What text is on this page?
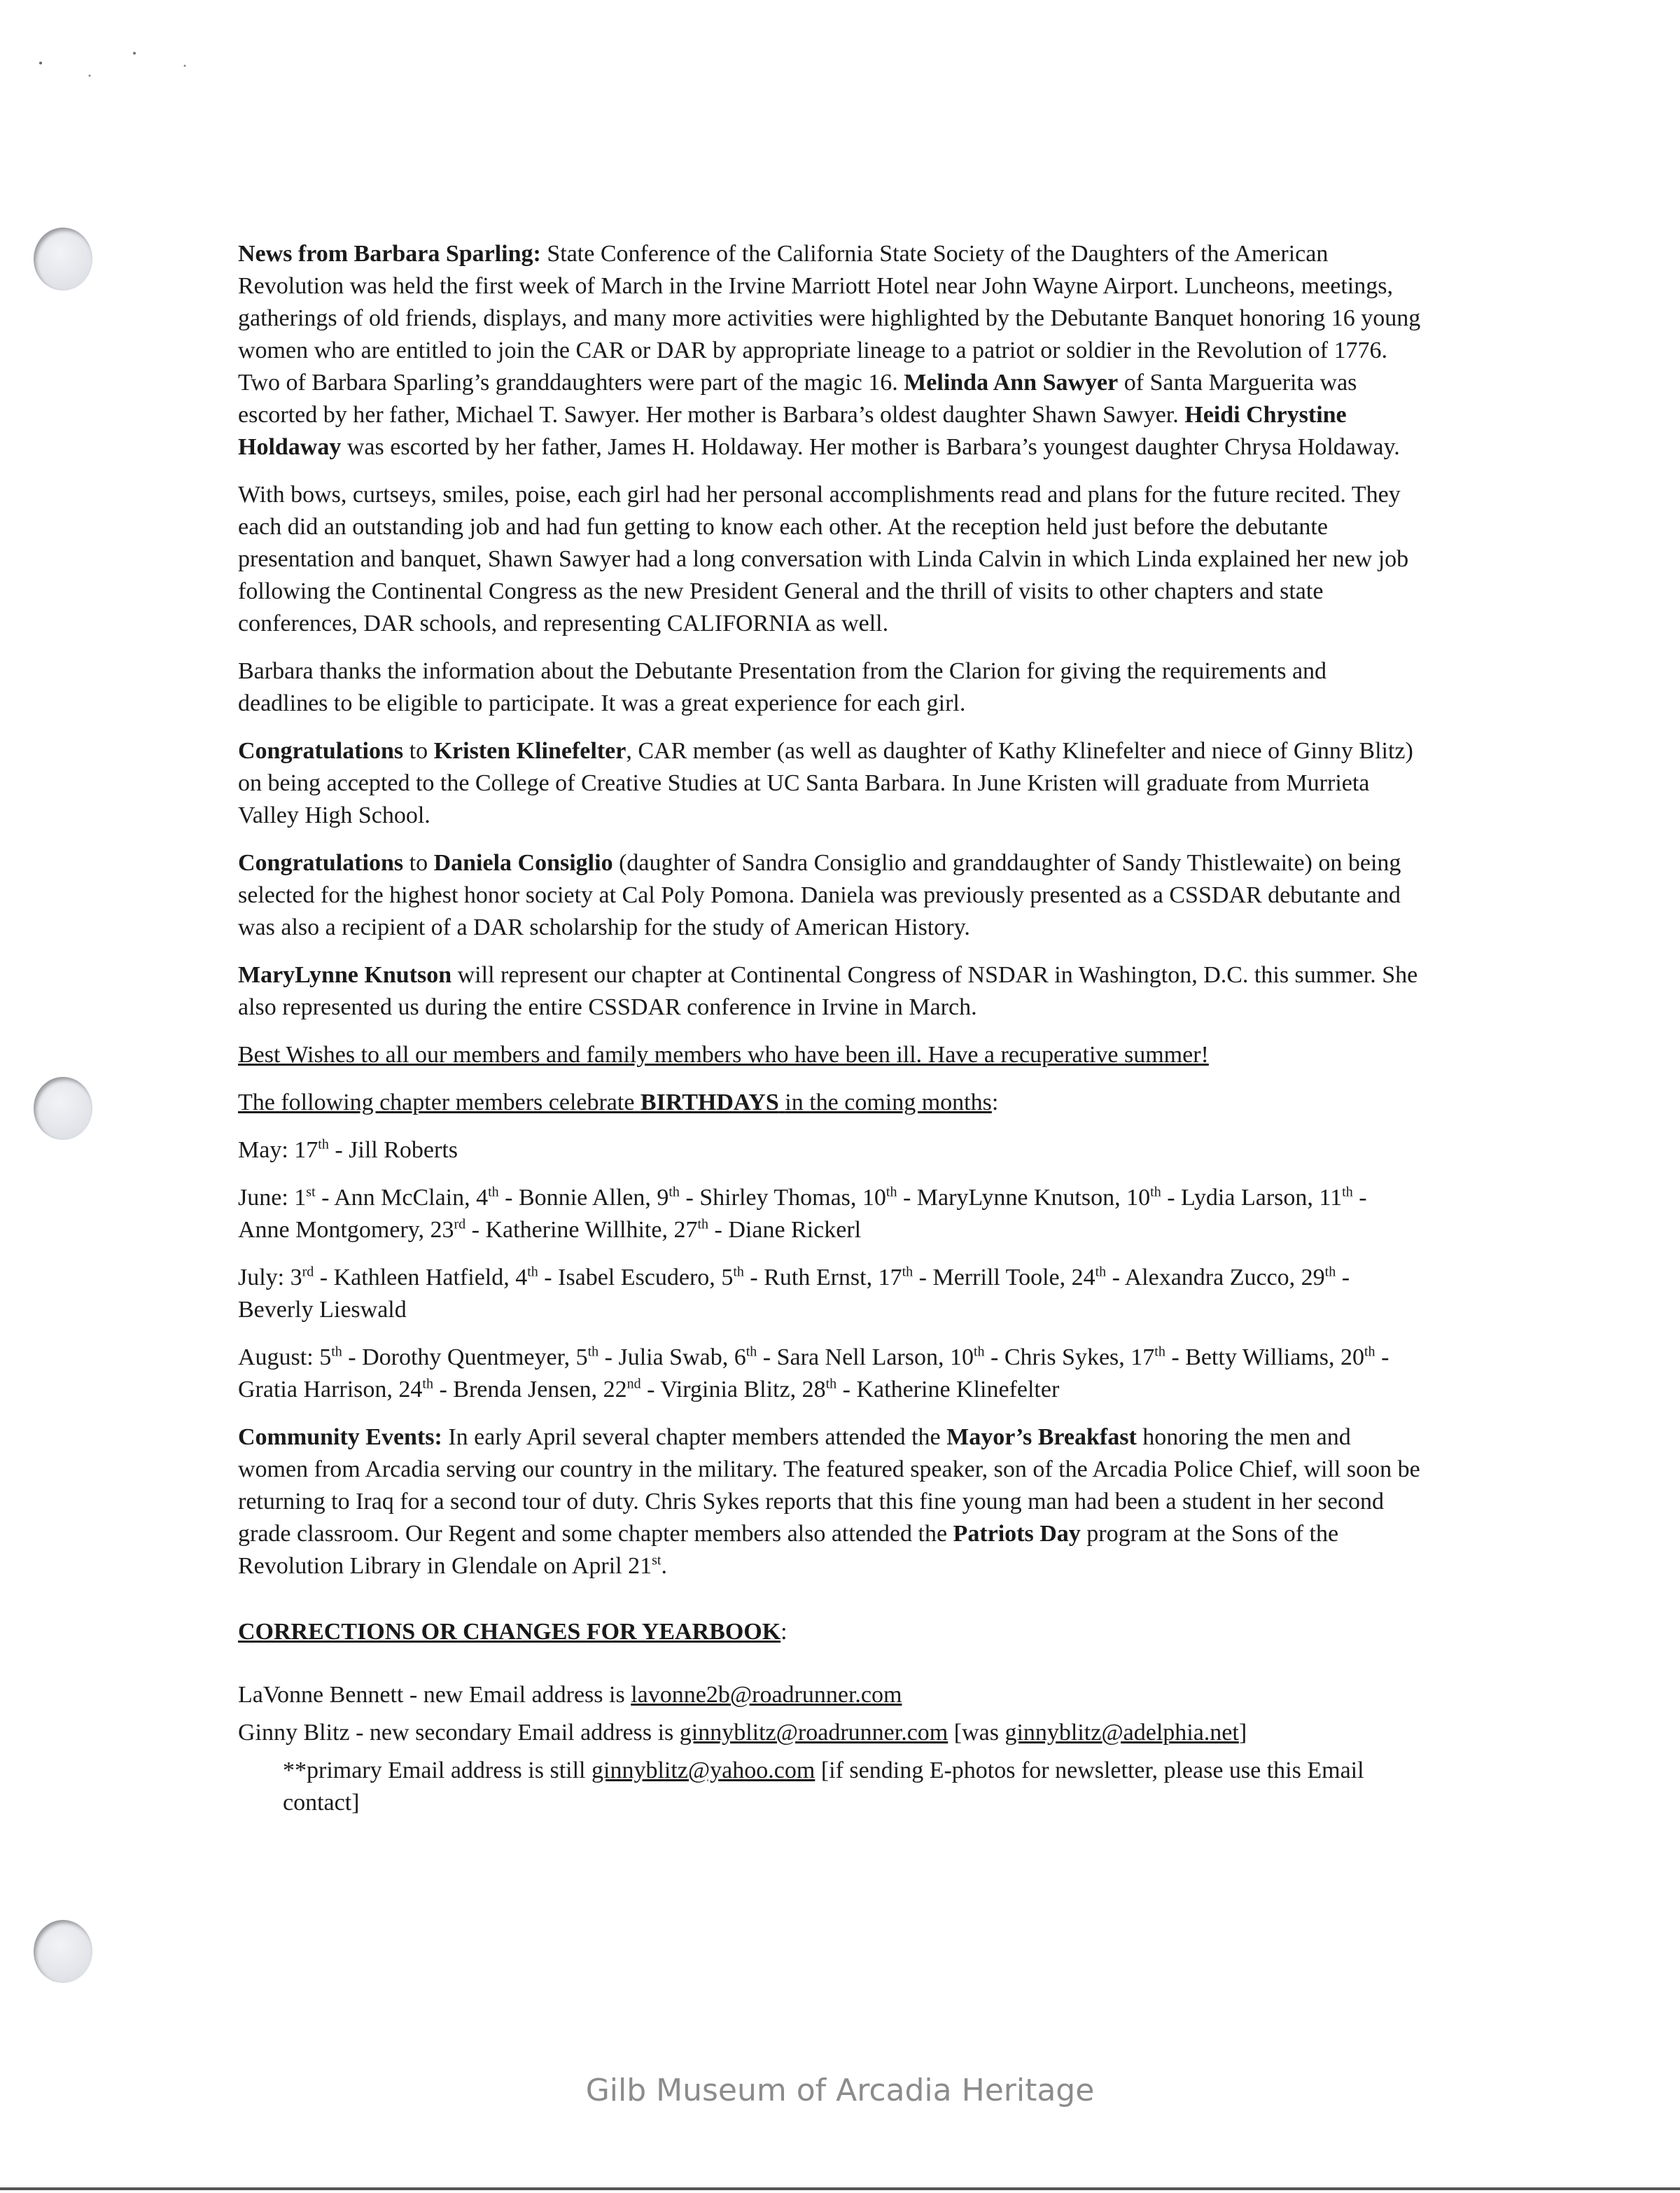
News from Barbara Sparling: State Conference of the California State Society of the Daughters of the American Revolution was held the first week of March in the Irvine Marriott Hotel near John Wayne Airport. Luncheons, meetings, gatherings of old friends, displays, and many more activities were highlighted by the Debutante Banquet honoring 16 young women who are entitled to join the CAR or DAR by appropriate lineage to a patriot or soldier in the Revolution of 1776. Two of Barbara Sparling’s granddaughters were part of the magic 16. Melinda Ann Sawyer of Santa Marguerita was escorted by her father, Michael T. Sawyer. Her mother is Barbara’s oldest daughter Shawn Sawyer. Heidi Chrystine Holdaway was escorted by her father, James H. Holdaway. Her mother is Barbara’s youngest daughter Chrysa Holdaway.

With bows, curtseys, smiles, poise, each girl had her personal accomplishments read and plans for the future recited. They each did an outstanding job and had fun getting to know each other. At the reception held just before the debutante presentation and banquet, Shawn Sawyer had a long conversation with Linda Calvin in which Linda explained her new job following the Continental Congress as the new President General and the thrill of visits to other chapters and state conferences, DAR schools, and representing CALIFORNIA as well.

Barbara thanks the information about the Debutante Presentation from the Clarion for giving the requirements and deadlines to be eligible to participate. It was a great experience for each girl.

Congratulations to Kristen Klinefelter, CAR member (as well as daughter of Kathy Klinefelter and niece of Ginny Blitz) on being accepted to the College of Creative Studies at UC Santa Barbara. In June Kristen will graduate from Murrieta Valley High School.

Congratulations to Daniela Consiglio (daughter of Sandra Consiglio and granddaughter of Sandy Thistlewaite) on being selected for the highest honor society at Cal Poly Pomona. Daniela was previously presented as a CSSDAR debutante and was also a recipient of a DAR scholarship for the study of American History.

MaryLynne Knutson will represent our chapter at Continental Congress of NSDAR in Washington, D.C. this summer. She also represented us during the entire CSSDAR conference in Irvine in March.

Best Wishes to all our members and family members who have been ill. Have a recuperative summer!

The following chapter members celebrate BIRTHDAYS in the coming months:

May: 17th - Jill Roberts

June: 1st - Ann McClain, 4th - Bonnie Allen, 9th - Shirley Thomas, 10th - MaryLynne Knutson, 10th - Lydia Larson, 11th - Anne Montgomery, 23rd - Katherine Willhite, 27th - Diane Rickerl

July: 3rd - Kathleen Hatfield, 4th - Isabel Escudero, 5th - Ruth Ernst, 17th - Merrill Toole, 24th - Alexandra Zucco, 29th - Beverly Lieswald

August: 5th - Dorothy Quentmeyer, 5th - Julia Swab, 6th - Sara Nell Larson, 10th - Chris Sykes, 17th - Betty Williams, 20th - Gratia Harrison, 24th - Brenda Jensen, 22nd - Virginia Blitz, 28th - Katherine Klinefelter

Community Events: In early April several chapter members attended the Mayor’s Breakfast honoring the men and women from Arcadia serving our country in the military. The featured speaker, son of the Arcadia Police Chief, will soon be returning to Iraq for a second tour of duty. Chris Sykes reports that this fine young man had been a student in her second grade classroom. Our Regent and some chapter members also attended the Patriots Day program at the Sons of the Revolution Library in Glendale on April 21st.

CORRECTIONS OR CHANGES FOR YEARBOOK:

LaVonne Bennett - new Email address is lavonne2b@roadrunner.com

Ginny Blitz - new secondary Email address is ginnyblitz@roadrunner.com [was ginnyblitz@adelphia.net]

**primary Email address is still ginnyblitz@yahoo.com [if sending E-photos for newsletter, please use this Email contact]

Gilb Museum of Arcadia Heritage
